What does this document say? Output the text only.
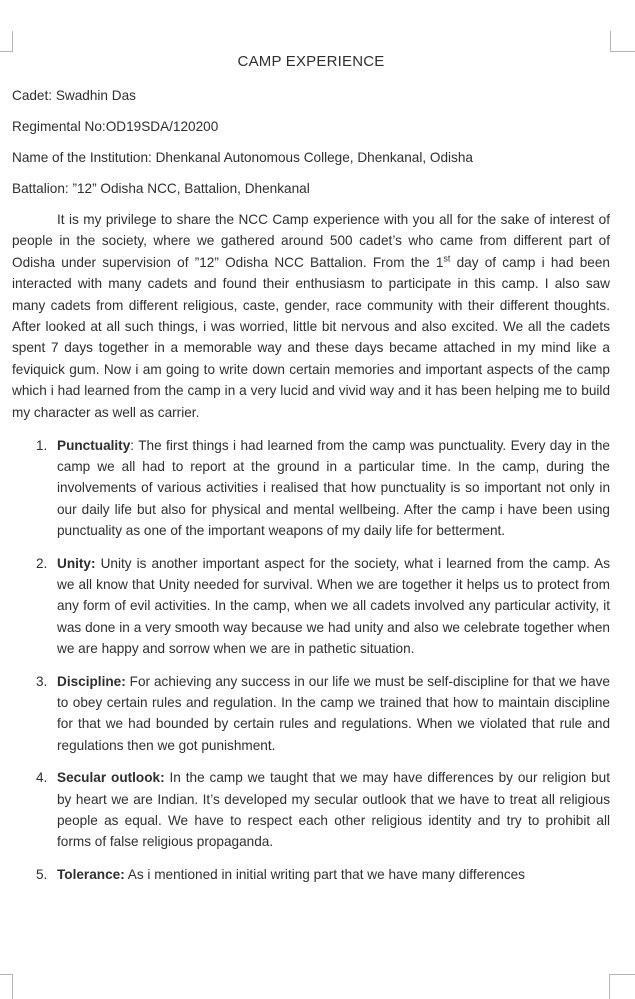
CAMP EXPERIENCE
Cadet: Swadhin Das
Regimental No:OD19SDA/120200
Name of the Institution: Dhenkanal Autonomous College, Dhenkanal, Odisha
Battalion: ”12” Odisha NCC, Battalion, Dhenkanal

It is my privilege to share the NCC Camp experience with you all for the sake of interest of people in the society, where we gathered around 500 cadet’s who came from different part of Odisha under supervision of ”12” Odisha NCC Battalion. From the 1st day of camp i had been interacted with many cadets and found their enthusiasm to participate in this camp. I also saw many cadets from different religious, caste, gender, race community with their different thoughts. After looked at all such things, i was worried, little bit nervous and also excited. We all the cadets spent 7 days together in a memorable way and these days became attached in my mind like a feviquick gum. Now i am going to write down certain memories and important aspects of the camp which i had learned from the camp in a very lucid and vivid way and it has been helping me to build my character as well as carrier.

1. Punctuality: The first things i had learned from the camp was punctuality. Every day in the camp we all had to report at the ground in a particular time. In the camp, during the involvements of various activities i realised that how punctuality is so important not only in our daily life but also for physical and mental wellbeing. After the camp i have been using punctuality as one of the important weapons of my daily life for betterment.
2. Unity: Unity is another important aspect for the society, what i learned from the camp. As we all know that Unity needed for survival. When we are together it helps us to protect from any form of evil activities. In the camp, when we all cadets involved any particular activity, it was done in a very smooth way because we had unity and also we celebrate together when we are happy and sorrow when we are in pathetic situation.
3. Discipline: For achieving any success in our life we must be self-discipline for that we have to obey certain rules and regulation. In the camp we trained that how to maintain discipline for that we had bounded by certain rules and regulations. When we violated that rule and regulations then we got punishment.
4. Secular outlook: In the camp we taught that we may have differences by our religion but by heart we are Indian. It’s developed my secular outlook that we have to treat all religious people as equal. We have to respect each other religious identity and try to prohibit all forms of false religious propaganda.
5. Tolerance: As i mentioned in initial writing part that we have many differences
